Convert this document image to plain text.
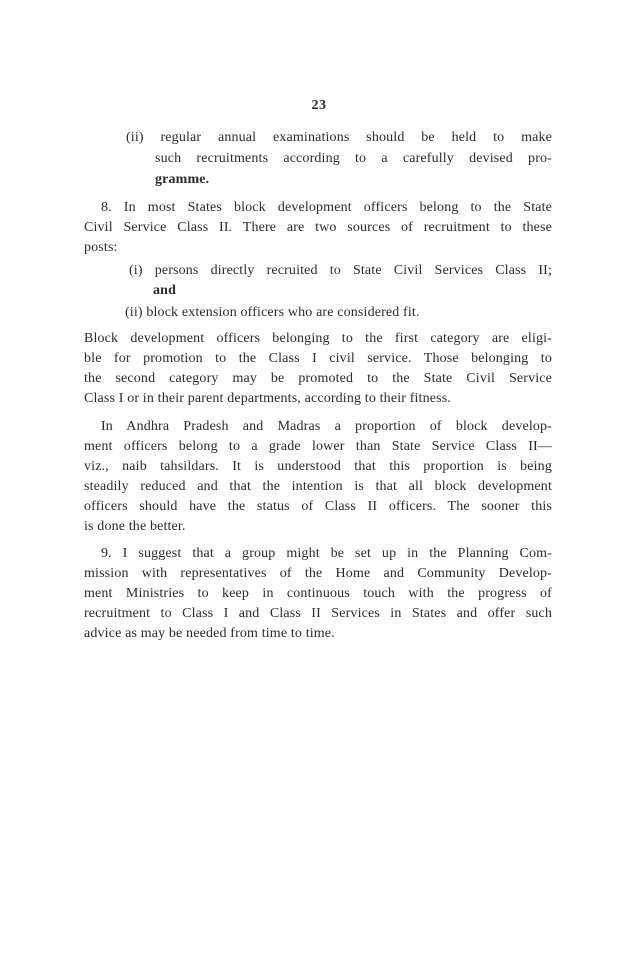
23
(ii) regular annual examinations should be held to make
such recruitments according to a carefully devised pro-
gramme.
8. In most States block development officers belong to the State
Civil Service Class II. There are two sources of recruitment to these
posts:
(i) persons directly recruited to State Civil Services Class II;
and
(ii) block extension officers who are considered fit.
Block development officers belonging to the first category are eligi-
ble for promotion to the Class I civil service. Those belonging to
the second category may be promoted to the State Civil Service
Class I or in their parent departments, according to their fitness.
In Andhra Pradesh and Madras a proportion of block develop-
ment officers belong to a grade lower than State Service Class II—
viz., naib tahsildars. It is understood that this proportion is being
steadily reduced and that the intention is that all block development
officers should have the status of Class II officers. The sooner this
is done the better.
9. I suggest that a group might be set up in the Planning Com-
mission with representatives of the Home and Community Develop-
ment Ministries to keep in continuous touch with the progress of
recruitment to Class I and Class II Services in States and offer such
advice as may be needed from time to time.
